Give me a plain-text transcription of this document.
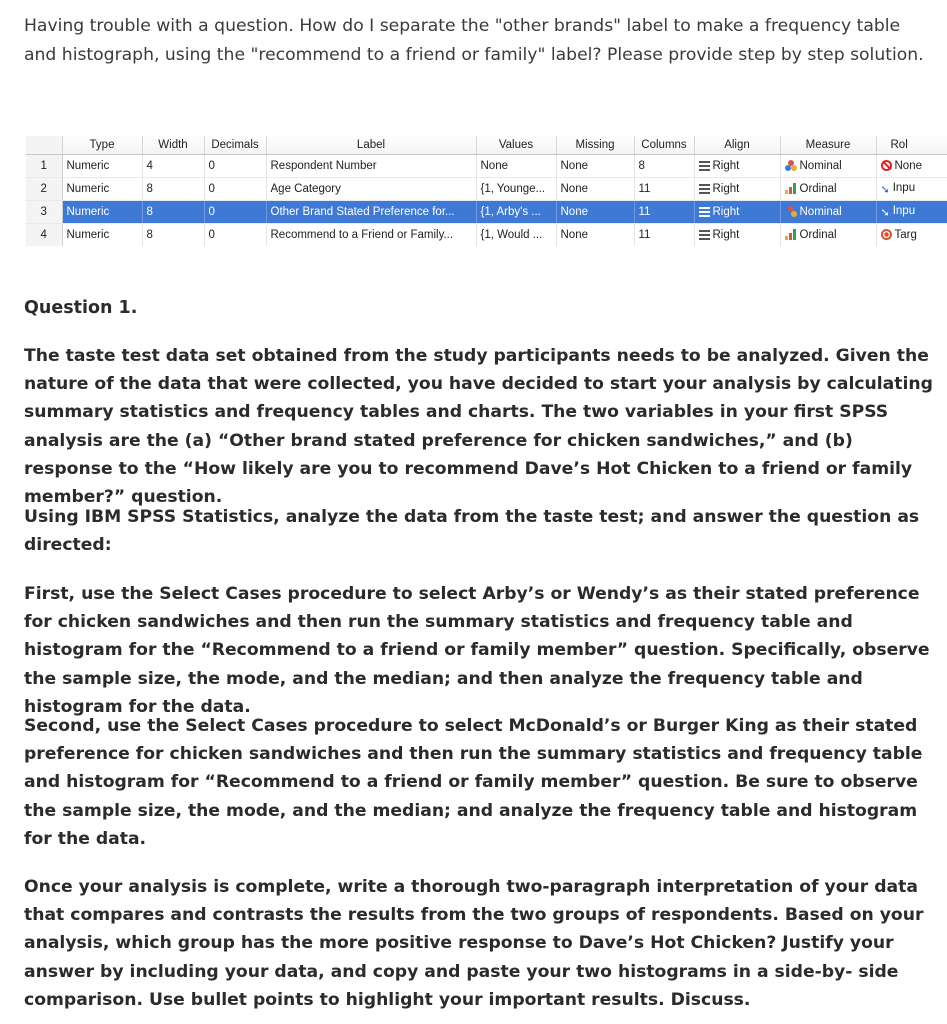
Having trouble with a question. How do I separate the "other brands" label to make a frequency table and histograph, using the "recommend to a friend or family" label? Please provide step by step solution.

	Type	Width	Decimals	Label	Values	Missing	Columns	Align	Measure	Rol
1	Numeric	4	0	Respondent Number	None	None	8	Right	Nominal	None
2	Numeric	8	0	Age Category	{1, Younge...	None	11	Right	Ordinal	➘ Inpu
3	Numeric	8	0	Other Brand Stated Preference for...	{1, Arby's ...	None	11	Right	Nominal	➘ Inpu
4	Numeric	8	0	Recommend to a Friend or Family...	{1, Would ...	None	11	Right	Ordinal	Targ

Question 1.

The taste test data set obtained from the study participants needs to be analyzed. Given the nature of the data that were collected, you have decided to start your analysis by calculating summary statistics and frequency tables and charts. The two variables in your first SPSS analysis are the (a) “Other brand stated preference for chicken sandwiches,” and (b) response to the “How likely are you to recommend Dave’s Hot Chicken to a friend or family member?” question.

Using IBM SPSS Statistics, analyze the data from the taste test; and answer the question as directed:

First, use the Select Cases procedure to select Arby’s or Wendy’s as their stated preference for chicken sandwiches and then run the summary statistics and frequency table and histogram for the “Recommend to a friend or family member” question. Specifically, observe the sample size, the mode, and the median; and then analyze the frequency table and histogram for the data.

Second, use the Select Cases procedure to select McDonald’s or Burger King as their stated preference for chicken sandwiches and then run the summary statistics and frequency table and histogram for “Recommend to a friend or family member” question. Be sure to observe the sample size, the mode, and the median; and analyze the frequency table and histogram for the data.

Once your analysis is complete, write a thorough two-paragraph interpretation of your data that compares and contrasts the results from the two groups of respondents. Based on your analysis, which group has the more positive response to Dave’s Hot Chicken? Justify your answer by including your data, and copy and paste your two histograms in a side-by- side comparison. Use bullet points to highlight your important results. Discuss.
